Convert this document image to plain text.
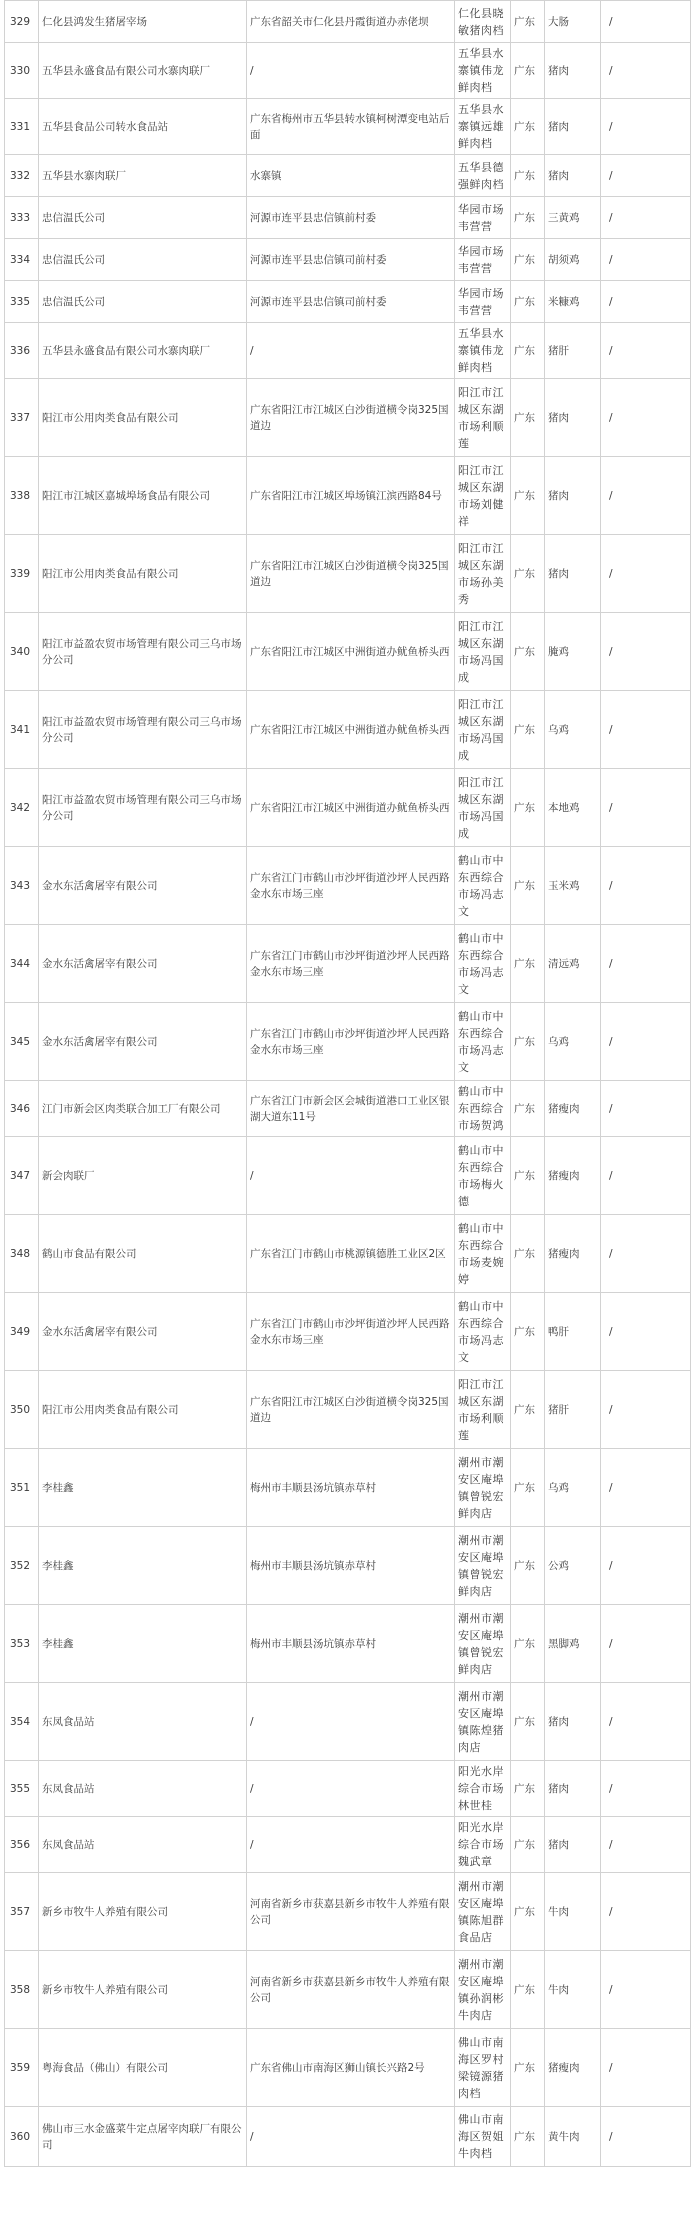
329	仁化县鸿发生猪屠宰场	广东省韶关市仁化县丹霞街道办赤佬坝	仁化县晓敏猪肉档	广东	大肠	/
330	五华县永盛食品有限公司水寨肉联厂	/	五华县水寨镇伟龙鲜肉档	广东	猪肉	/
331	五华县食品公司转水食品站	广东省梅州市五华县转水镇柯树潭变电站后面	五华县水寨镇远雄鲜肉档	广东	猪肉	/
332	五华县水寨肉联厂	水寨镇	五华县德强鲜肉档	广东	猪肉	/
333	忠信温氏公司	河源市连平县忠信镇前村委	华园市场韦营营	广东	三黄鸡	/
334	忠信温氏公司	河源市连平县忠信镇司前村委	华园市场韦营营	广东	胡须鸡	/
335	忠信温氏公司	河源市连平县忠信镇司前村委	华园市场韦营营	广东	米糠鸡	/
336	五华县永盛食品有限公司水寨肉联厂	/	五华县水寨镇伟龙鲜肉档	广东	猪肝	/
337	阳江市公用肉类食品有限公司	广东省阳江市江城区白沙街道横令岗325国道边	阳江市江城区东湖市场利顺莲	广东	猪肉	/
338	阳江市江城区嘉城埠场食品有限公司	广东省阳江市江城区埠场镇江滨西路84号	阳江市江城区东湖市场刘健祥	广东	猪肉	/
339	阳江市公用肉类食品有限公司	广东省阳江市江城区白沙街道横令岗325国道边	阳江市江城区东湖市场孙美秀	广东	猪肉	/
340	阳江市益盈农贸市场管理有限公司三乌市场分公司	广东省阳江市江城区中洲街道办鱿鱼桥头西	阳江市江城区东湖市场冯国成	广东	腌鸡	/
341	阳江市益盈农贸市场管理有限公司三乌市场分公司	广东省阳江市江城区中洲街道办鱿鱼桥头西	阳江市江城区东湖市场冯国成	广东	乌鸡	/
342	阳江市益盈农贸市场管理有限公司三乌市场分公司	广东省阳江市江城区中洲街道办鱿鱼桥头西	阳江市江城区东湖市场冯国成	广东	本地鸡	/
343	金水东活禽屠宰有限公司	广东省江门市鹤山市沙坪街道沙坪人民西路金水东市场三座	鹤山市中东西综合市场冯志文	广东	玉米鸡	/
344	金水东活禽屠宰有限公司	广东省江门市鹤山市沙坪街道沙坪人民西路金水东市场三座	鹤山市中东西综合市场冯志文	广东	清远鸡	/
345	金水东活禽屠宰有限公司	广东省江门市鹤山市沙坪街道沙坪人民西路金水东市场三座	鹤山市中东西综合市场冯志文	广东	乌鸡	/
346	江门市新会区肉类联合加工厂有限公司	广东省江门市新会区会城街道港口工业区银湖大道东11号	鹤山市中东西综合市场贺鸿	广东	猪瘦肉	/
347	新会肉联厂	/	鹤山市中东西综合市场梅火德	广东	猪瘦肉	/
348	鹤山市食品有限公司	广东省江门市鹤山市桃源镇德胜工业区2区	鹤山市中东西综合市场麦婉婷	广东	猪瘦肉	/
349	金水东活禽屠宰有限公司	广东省江门市鹤山市沙坪街道沙坪人民西路金水东市场三座	鹤山市中东西综合市场冯志文	广东	鸭肝	/
350	阳江市公用肉类食品有限公司	广东省阳江市江城区白沙街道横令岗325国道边	阳江市江城区东湖市场利顺莲	广东	猪肝	/
351	李桂鑫	梅州市丰顺县汤坑镇赤草村	潮州市潮安区庵埠镇曾锐宏鲜肉店	广东	乌鸡	/
352	李桂鑫	梅州市丰顺县汤坑镇赤草村	潮州市潮安区庵埠镇曾锐宏鲜肉店	广东	公鸡	/
353	李桂鑫	梅州市丰顺县汤坑镇赤草村	潮州市潮安区庵埠镇曾锐宏鲜肉店	广东	黑脚鸡	/
354	东凤食品站	/	潮州市潮安区庵埠镇陈煌猪肉店	广东	猪肉	/
355	东凤食品站	/	阳光水岸综合市场林世桂	广东	猪肉	/
356	东凤食品站	/	阳光水岸综合市场魏武章	广东	猪肉	/
357	新乡市牧牛人养殖有限公司	河南省新乡市获嘉县新乡市牧牛人养殖有限公司	潮州市潮安区庵埠镇陈旭群食品店	广东	牛肉	/
358	新乡市牧牛人养殖有限公司	河南省新乡市获嘉县新乡市牧牛人养殖有限公司	潮州市潮安区庵埠镇孙润彬牛肉店	广东	牛肉	/
359	粤海食品（佛山）有限公司	广东省佛山市南海区狮山镇长兴路2号	佛山市南海区罗村梁镜源猪肉档	广东	猪瘦肉	/
360	佛山市三水金盛菜牛定点屠宰肉联厂有限公司	/	佛山市南海区贺姐牛肉档	广东	黄牛肉	/
